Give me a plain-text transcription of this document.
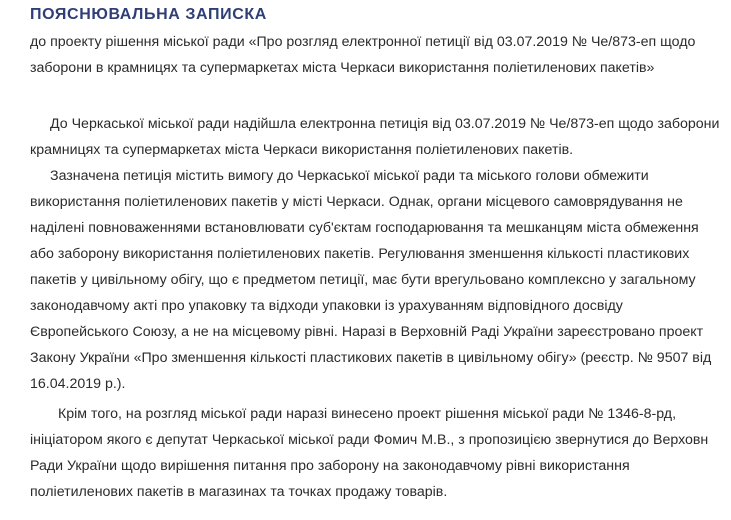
ПОЯСНЮВАЛЬНА ЗАПИСКА
до проекту рішення міської ради «Про розгляд електронної петиції від 03.07.2019 № Че/873-еп щодо
заборони в крамницях та супермаркетах міста Черкаси використання поліетиленових пакетів»
До Черкаської міської ради надійшла електронна петиція від 03.07.2019 № Че/873-еп щодо заборони
крамницях та супермаркетах міста Черкаси використання поліетиленових пакетів.
Зазначена петиція містить вимогу до Черкаської міської ради та міського голови обмежити
використання поліетиленових пакетів у місті Черкаси. Однак, органи місцевого самоврядування не
наділені повноваженнями встановлювати суб'єктам господарювання та мешканцям міста обмеження
або заборону використання поліетиленових пакетів. Регулювання зменшення кількості пластикових
пакетів у цивільному обігу, що є предметом петиції, має бути врегульовано комплексно у загальному
законодавчому акті про упаковку та відходи упаковки із урахуванням відповідного досвіду
Європейського Союзу, а не на місцевому рівні. Наразі в Верховній Раді України зареєстровано проект
Закону України «Про зменшення кількості пластикових пакетів в цивільному обігу» (реєстр. № 9507 від
16.04.2019 р.).
Крім того, на розгляд міської ради наразі винесено проект рішення міської ради № 1346-8-рд,
ініціатором якого є депутат Черкаської міської ради Фомич М.В., з пропозицією звернутися до Верховн
Ради України щодо вирішення питання про заборону на законодавчому рівні використання
поліетиленових пакетів в магазинах та точках продажу товарів.
